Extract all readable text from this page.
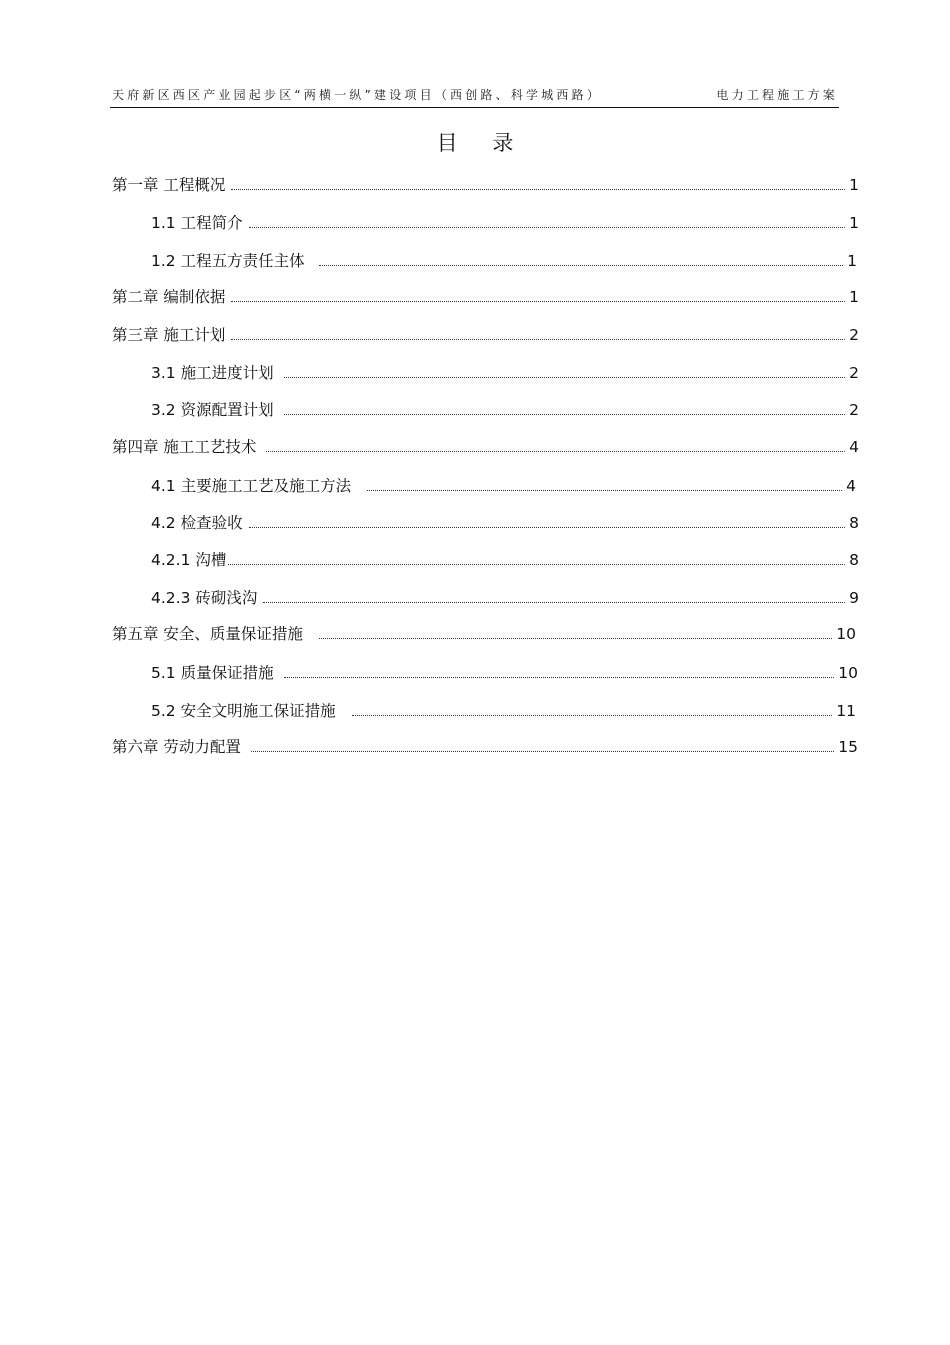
天府新区西区产业园起步区“两横一纵”建设项目（西创路、科学城西路）	电力工程施工方案
目 录
第一章 工程概况	1
1.1 工程简介	1
1.2 工程五方责任主体	1
第二章 编制依据	1
第三章 施工计划	2
3.1 施工进度计划	2
3.2 资源配置计划	2
第四章 施工工艺技术	4
4.1 主要施工工艺及施工方法	4
4.2 检查验收	8
4.2.1 沟槽	8
4.2.3 砖砌浅沟	9
第五章 安全、质量保证措施	10
5.1 质量保证措施	10
5.2 安全文明施工保证措施	11
第六章 劳动力配置	15
